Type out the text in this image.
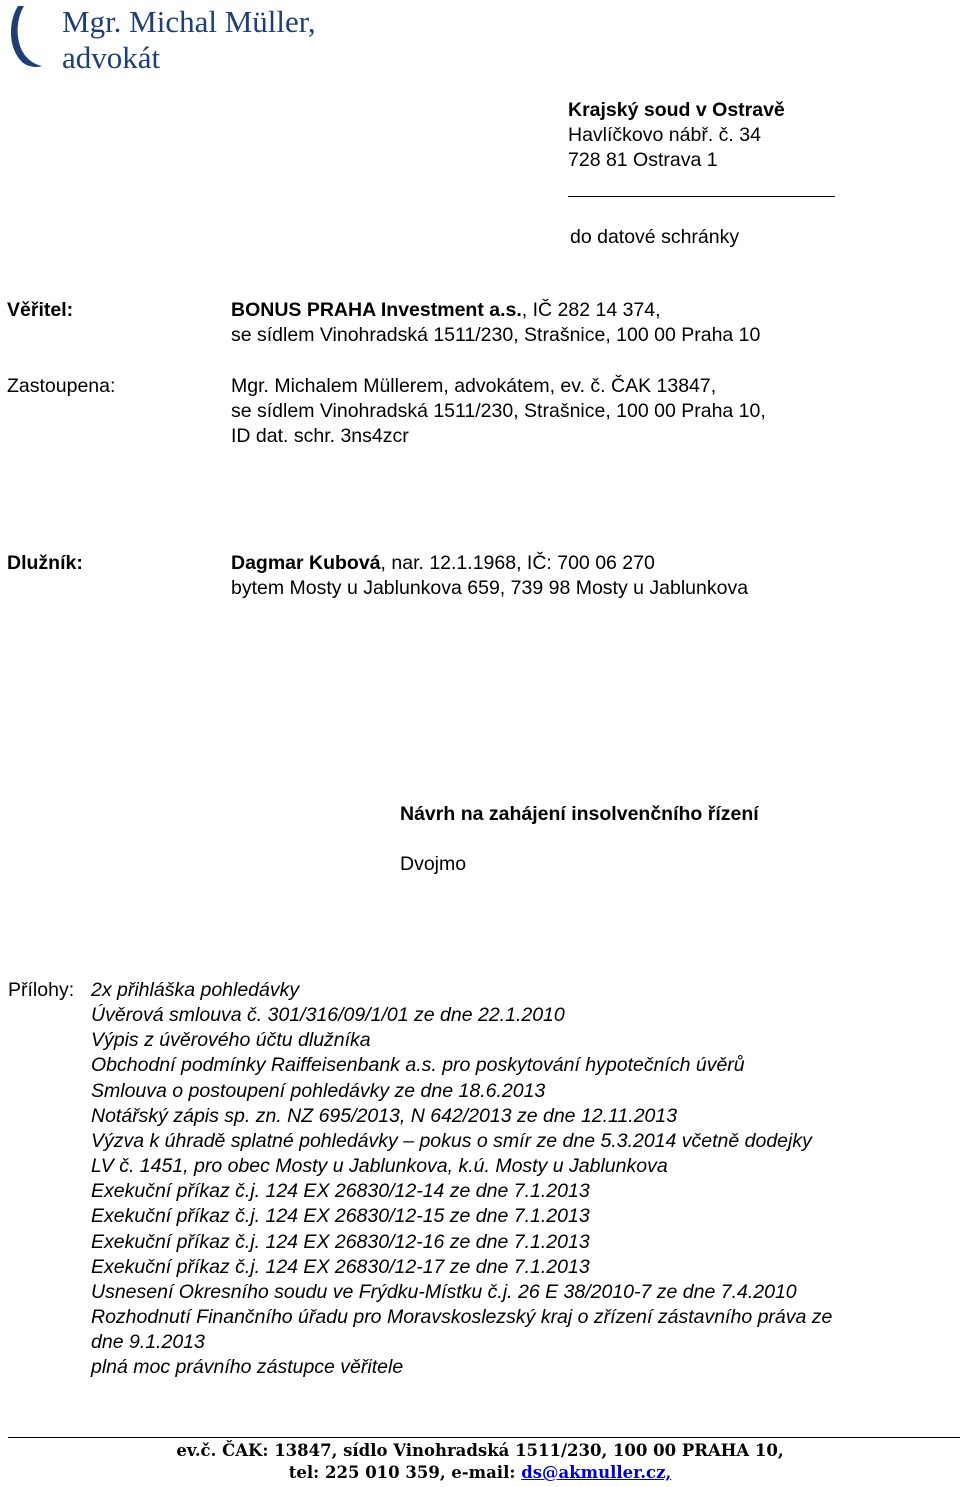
Mgr. Michal Müller,
advokát
Krajský soud v Ostravě
Havlíčkovo nábř. č. 34
728 81 Ostrava 1
do datové schránky
Věřitel:	BONUS PRAHA Investment a.s., IČ 282 14 374,
se sídlem Vinohradská 1511/230, Strašnice, 100 00 Praha 10
Zastoupena:	Mgr. Michalem Müllerem, advokátem, ev. č. ČAK 13847,
se sídlem Vinohradská 1511/230, Strašnice, 100 00 Praha 10,
ID dat. schr. 3ns4zcr
Dlužník:	Dagmar Kubová, nar. 12.1.1968, IČ: 700 06 270
bytem Mosty u Jablunkova 659, 739 98 Mosty u Jablunkova
Návrh na zahájení insolvenčního řízení
Dvojmo
Přílohy: 2x přihláška pohledávky
Úvěrová smlouva č. 301/316/09/1/01 ze dne 22.1.2010
Výpis z úvěrového účtu dlužníka
Obchodní podmínky Raiffeisenbank a.s. pro poskytování hypotečních úvěrů
Smlouva o postoupení pohledávky ze dne 18.6.2013
Notářský zápis sp. zn. NZ 695/2013, N 642/2013 ze dne 12.11.2013
Výzva k úhradě splatné pohledávky – pokus o smír ze dne 5.3.2014 včetně dodejky
LV č. 1451, pro obec Mosty u Jablunkova, k.ú. Mosty u Jablunkova
Exekuční příkaz č.j. 124 EX 26830/12-14 ze dne 7.1.2013
Exekuční příkaz č.j. 124 EX 26830/12-15 ze dne 7.1.2013
Exekuční příkaz č.j. 124 EX 26830/12-16 ze dne 7.1.2013
Exekuční příkaz č.j. 124 EX 26830/12-17 ze dne 7.1.2013
Usnesení Okresního soudu ve Frýdku-Místku č.j. 26 E 38/2010-7 ze dne 7.4.2010
Rozhodnutí Finančního úřadu pro Moravskoslezský kraj o zřízení zástavního práva ze
dne 9.1.2013
plná moc právního zástupce věřitele
ev.č. ČAK: 13847, sídlo Vinohradská 1511/230, 100 00 PRAHA 10,
tel: 225 010 359, e-mail: ds@akmuller.cz,
